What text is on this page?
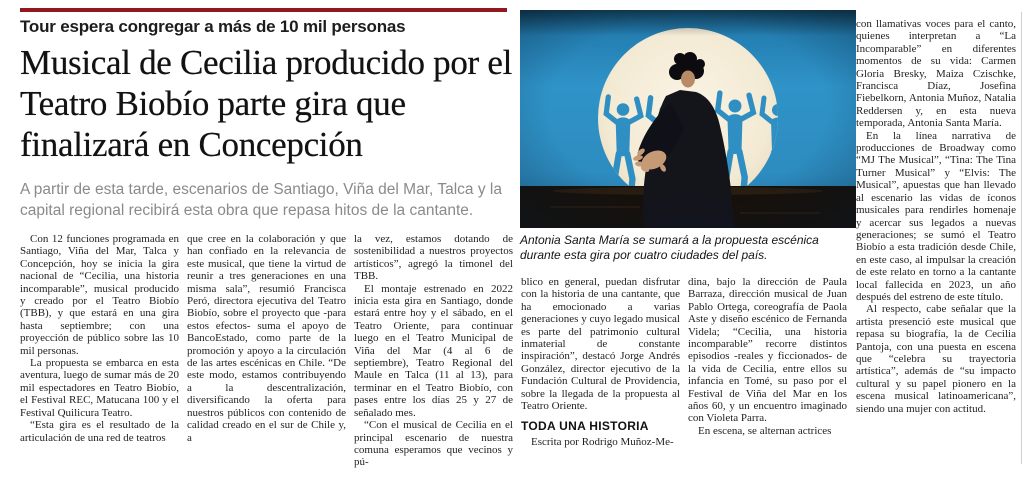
Tour espera congregar a más de 10 mil personas
Musical de Cecilia producido por el Teatro Biobío parte gira que finalizará en Concepción

A partir de esta tarde, escenarios de Santiago, Viña del Mar, Talca y la capital regional recibirá esta obra que repasa hitos de la cantante.

Antonia Santa María se sumará a la propuesta escénica durante esta gira por cuatro ciudades del país.

Con 12 funciones programada en Santiago, Viña del Mar, Talca y Concepción, hoy se inicia la gira nacional de “Cecilia, una historia incomparable”, musical producido y creado por el Teatro Biobío (TBB), y que estará en una gira hasta septiembre; con una proyección de público sobre las 10 mil personas.

La propuesta se embarca en esta aventura, luego de sumar más de 20 mil espectadores en Teatro Biobío, el Festival REC, Matucana 100 y el Festival Quilicura Teatro.

“Esta gira es el resultado de la articulación de una red de teatros

que cree en la colaboración y que han confiado en la relevancia de este musical, que tiene la virtud de reunir a tres generaciones en una misma sala”, resumió Francisca Peró, directora ejecutiva del Teatro Biobío, sobre el proyecto que -para estos efectos- suma el apoyo de BancoEstado, como parte de la promoción y apoyo a la circulación de las artes escénicas en Chile. “De este modo, estamos contribuyendo a la descentralización, diversificando la oferta para nuestros públicos con contenido de calidad creado en el sur de Chile y, a

la vez, estamos dotando de sostenibilidad a nuestros proyectos artísticos”, agregó la timonel del TBB.

El montaje estrenado en 2022 inicia esta gira en Santiago, donde estará entre hoy y el sábado, en el Teatro Oriente, para continuar luego en el Teatro Municipal de Viña del Mar (4 al 6 de septiembre), Teatro Regional del Maule en Talca (11 al 13), para terminar en el Teatro Biobío, con pases entre los días 25 y 27 de señalado mes.

“Con el musical de Cecilia en el principal escenario de nuestra comuna esperamos que vecinos y pú-

blico en general, puedan disfrutar con la historia de una cantante, que ha emocionado a varias generaciones y cuyo legado musical es parte del patrimonio cultural inmaterial de constante inspiración”, destacó Jorge Andrés González, director ejecutivo de la Fundación Cultural de Providencia, sobre la llegada de la propuesta al Teatro Oriente.

TODA UNA HISTORIA

Escrita por Rodrigo Muñoz-Me-

dina, bajo la dirección de Paula Barraza, dirección musical de Juan Pablo Ortega, coreografía de Paola Aste y diseño escénico de Fernanda Videla; “Cecilia, una historia incomparable” recorre distintos episodios -reales y ficcionados- de la vida de Cecilia, entre ellos su infancia en Tomé, su paso por el Festival de Viña del Mar en los años 60, y un encuentro imaginado con Violeta Parra.

En escena, se alternan actrices

con llamativas voces para el canto, quienes interpretan a “La Incomparable” en diferentes momentos de su vida: Carmen Gloria Bresky, Maiza Czischke, Francisca Díaz, Josefina Fiebelkorn, Antonia Muñoz, Natalia Reddersen y, en esta nueva temporada, Antonia Santa María.

En la línea narrativa de producciones de Broadway como “MJ The Musical”, “Tina: The Tina Turner Musical” y “Elvis: The Musical”, apuestas que han llevado al escenario las vidas de íconos musicales para rendirles homenaje y acercar sus legados a nuevas generaciones; se sumó el Teatro Biobío a esta tradición desde Chile, en este caso, al impulsar la creación de este relato en torno a la cantante local fallecida en 2023, un año después del estreno de este título.

Al respecto, cabe señalar que la artista presenció este musical que repasa su biografía, la de Cecilia Pantoja, con una puesta en escena que “celebra su trayectoria artística”, además de “su impacto cultural y su papel pionero en la escena musical latinoamericana”, siendo una mujer con actitud.
